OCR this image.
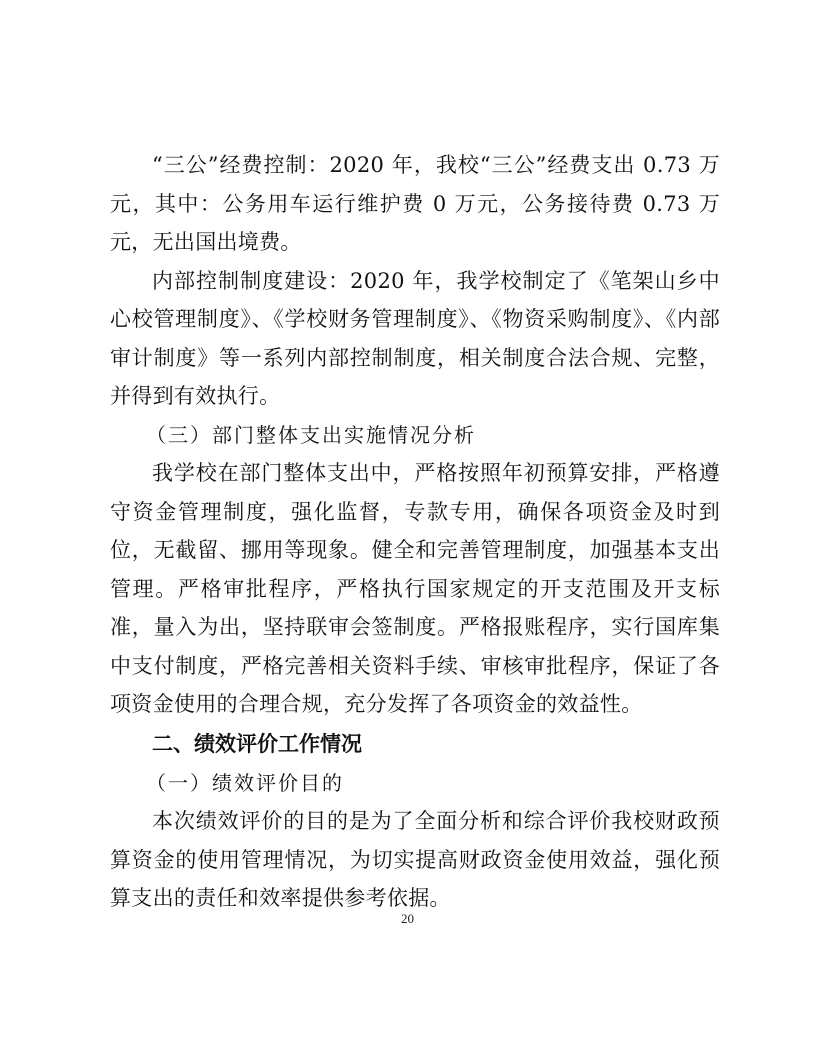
“三公”经费控制：2020 年，我校“三公”经费支出 0.73 万元，其中：公务用车运行维护费 0 万元，公务接待费 0.73 万元，无出国出境费。

内部控制制度建设：2020 年，我学校制定了《笔架山乡中心校管理制度》、《学校财务管理制度》、《物资采购制度》、《内部审计制度》等一系列内部控制制度，相关制度合法合规、完整，并得到有效执行。

（三）部门整体支出实施情况分析

我学校在部门整体支出中，严格按照年初预算安排，严格遵守资金管理制度，强化监督，专款专用，确保各项资金及时到位，无截留、挪用等现象。健全和完善管理制度，加强基本支出管理。严格审批程序，严格执行国家规定的开支范围及开支标准，量入为出，坚持联审会签制度。严格报账程序，实行国库集中支付制度，严格完善相关资料手续、审核审批程序，保证了各项资金使用的合理合规，充分发挥了各项资金的效益性。

二、绩效评价工作情况

（一）绩效评价目的

本次绩效评价的目的是为了全面分析和综合评价我校财政预算资金的使用管理情况，为切实提高财政资金使用效益，强化预算支出的责任和效率提供参考依据。

20
